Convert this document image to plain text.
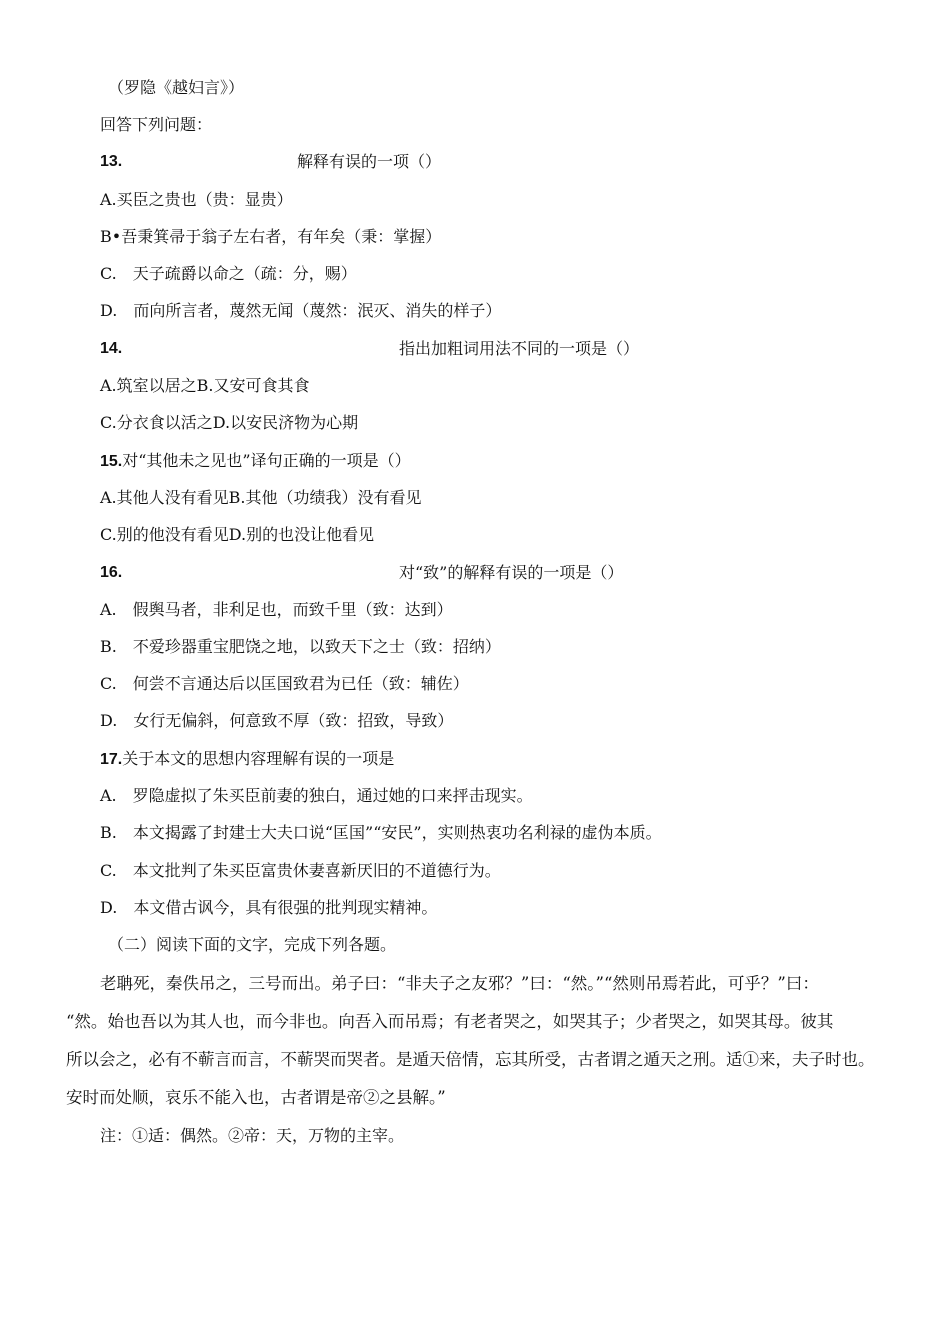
（罗隐《越妇言》）
回答下列问题：
13.	解释有误的一项（）
A.买臣之贵也（贵：显贵）
B•吾秉箕帚于翁子左右者，有年矣（秉：掌握）
C.　天子疏爵以命之（疏：分，赐）
D.　而向所言者，蔑然无闻（蔑然：泯灭、消失的样子）
14.	指出加粗词用法不同的一项是（）
A.筑室以居之B.又安可食其食
C.分衣食以活之D.以安民济物为心期
15.对“其他未之见也”译句正确的一项是（）
A.其他人没有看见B.其他（功绩我）没有看见
C.别的他没有看见D.别的也没让他看见
16.	对“致”的解释有误的一项是（）
A.　假舆马者，非利足也，而致千里（致：达到）
B.　不爱珍器重宝肥饶之地，以致天下之士（致：招纳）
C.　何尝不言通达后以匡国致君为已任（致：辅佐）
D.　女行无偏斜，何意致不厚（致：招致，导致）
17.关于本文的思想内容理解有误的一项是
A.　罗隐虚拟了朱买臣前妻的独白，通过她的口来抨击现实。
B.　本文揭露了封建士大夫口说“匡国”“安民”，实则热衷功名利禄的虚伪本质。
C.　本文批判了朱买臣富贵休妻喜新厌旧的不道德行为。
D.　本文借古讽今，具有很强的批判现实精神。
（二）阅读下面的文字，完成下列各题。
老聃死，秦佚吊之，三号而出。弟子曰：“非夫子之友邪？”曰：“然。”“然则吊焉若此，可乎？”曰：
“然。始也吾以为其人也，而今非也。向吾入而吊焉；有老者哭之，如哭其子；少者哭之，如哭其母。彼其
所以会之，必有不蕲言而言，不蕲哭而哭者。是遁天倍情，忘其所受，古者谓之遁天之刑。适①来，夫子时也。
安时而处顺，哀乐不能入也，古者谓是帝②之县解。”
注：①适：偶然。②帝：天，万物的主宰。
